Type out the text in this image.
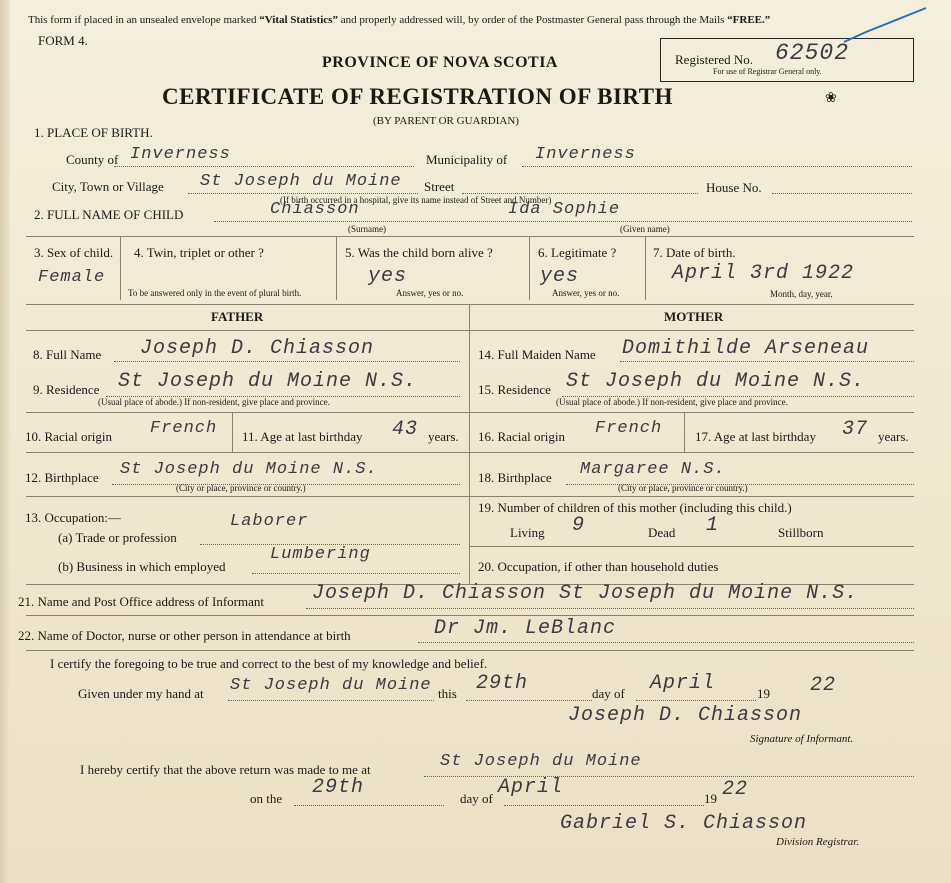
This form if placed in an unsealed envelope marked “Vital Statistics” and properly addressed will, by order of the Postmaster General pass through the Mails “FREE.”
FORM 4.
PROVINCE OF NOVA SCOTIA	Registered No. 62502
For use of Registrar General only.
CERTIFICATE OF REGISTRATION OF BIRTH	❀
(BY PARENT OR GUARDIAN)
1. PLACE OF BIRTH.
County of Inverness	Municipality of Inverness
City, Town or Village St Joseph du Moine Street	House No.
(If birth occurred in a hospital, give its name instead of Street and Number)
2. FULL NAME OF CHILD	Chiasson	Ida Sophie
(Surname)	(Given name)
3. Sex of child.
Female
4. Twin, triplet or other ?
To be answered only in the event of plural birth.
5. Was the child born alive ?
yes
Answer, yes or no.
6. Legitimate ?
yes
Answer, yes or no.
7. Date of birth.
April 3rd 1922
Month, day, year.
FATHER	MOTHER
8. Full Name Joseph D. Chiasson
9. Residence St Joseph du Moine N.S.
(Usual place of abode.) If non-resident, give place and province.
10. Racial origin French 11. Age at last birthday 43 years.
12. Birthplace St Joseph du Moine N.S.
(City or place, province or country.)
13. Occupation:—
(a) Trade or profession
Laborer
(b) Business in which employed
Lumbering
14. Full Maiden Name Domithilde Arseneau
15. Residence St Joseph du Moine N.S.
(Usual place of abode.) If non-resident, give place and province.
16. Racial origin French	17. Age at last birthday 37 years.
18. Birthplace Margaree N.S.
(City or place, province or country.)
19. Number of children of this mother (including this child.)
Living 9	Dead 1	Stillborn
20. Occupation, if other than household duties
21. Name and Post Office address of Informant Joseph D. Chiasson St Joseph du Moine N.S.
22. Name of Doctor, nurse or other person in attendance at birth	Dr Jm. LeBlanc
I certify the foregoing to be true and correct to the best of my knowledge and belief.
Given under my hand at St Joseph du Moine this 29th	day of April	19 22
Joseph D. Chiasson
Signature of Informant.
I hereby certify that the above return was made to me at	St Joseph du Moine
on the 29th	day of April	19 22
Gabriel S. Chiasson
Division Registrar.
